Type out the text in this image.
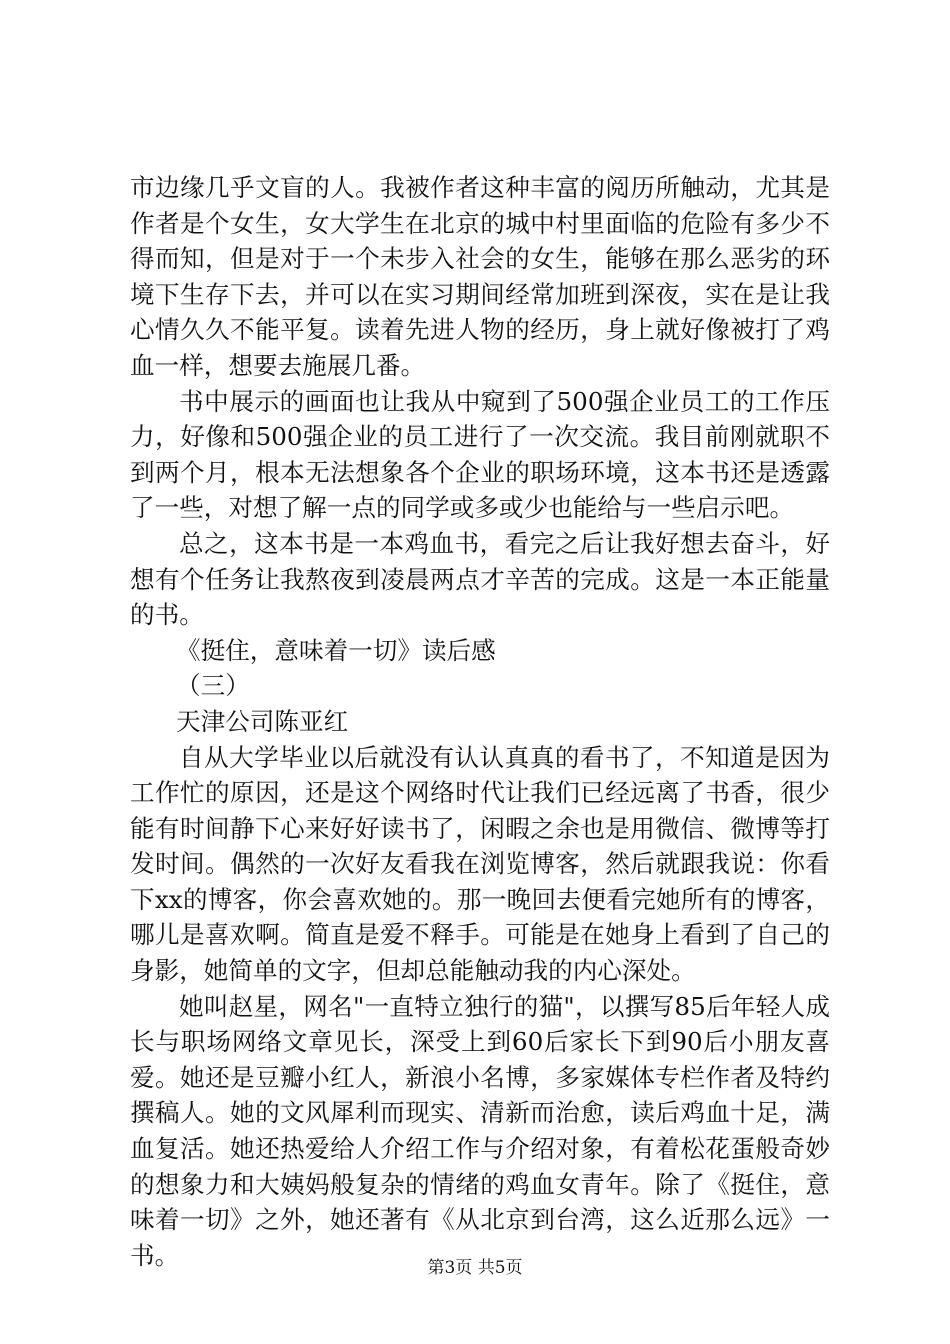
市边缘几乎文盲的人。我被作者这种丰富的阅历所触动，尤其是作者是个女生，女大学生在北京的城中村里面临的危险有多少不得而知，但是对于一个未步入社会的女生，能够在那么恶劣的环境下生存下去，并可以在实习期间经常加班到深夜，实在是让我心情久久不能平复。读着先进人物的经历，身上就好像被打了鸡血一样，想要去施展几番。

书中展示的画面也让我从中窥到了500强企业员工的工作压力，好像和500强企业的员工进行了一次交流。我目前刚就职不到两个月，根本无法想象各个企业的职场环境，这本书还是透露了一些，对想了解一点的同学或多或少也能给与一些启示吧。

总之，这本书是一本鸡血书，看完之后让我好想去奋斗，好想有个任务让我熬夜到凌晨两点才辛苦的完成。这是一本正能量的书。

《挺住，意味着一切》读后感

（三）

天津公司陈亚红

自从大学毕业以后就没有认认真真的看书了，不知道是因为工作忙的原因，还是这个网络时代让我们已经远离了书香，很少能有时间静下心来好好读书了，闲暇之余也是用微信、微博等打发时间。偶然的一次好友看我在浏览博客，然后就跟我说：你看下xx的博客，你会喜欢她的。那一晚回去便看完她所有的博客，哪儿是喜欢啊。简直是爱不释手。可能是在她身上看到了自己的身影，她简单的文字，但却总能触动我的内心深处。

她叫赵星，网名"一直特立独行的猫"，以撰写85后年轻人成长与职场网络文章见长，深受上到60后家长下到90后小朋友喜爱。她还是豆瓣小红人，新浪小名博，多家媒体专栏作者及特约撰稿人。她的文风犀利而现实、清新而治愈，读后鸡血十足，满血复活。她还热爱给人介绍工作与介绍对象，有着松花蛋般奇妙的想象力和大姨妈般复杂的情绪的鸡血女青年。除了《挺住，意味着一切》之外，她还著有《从北京到台湾，这么近那么远》一书。	第3页 共5页
